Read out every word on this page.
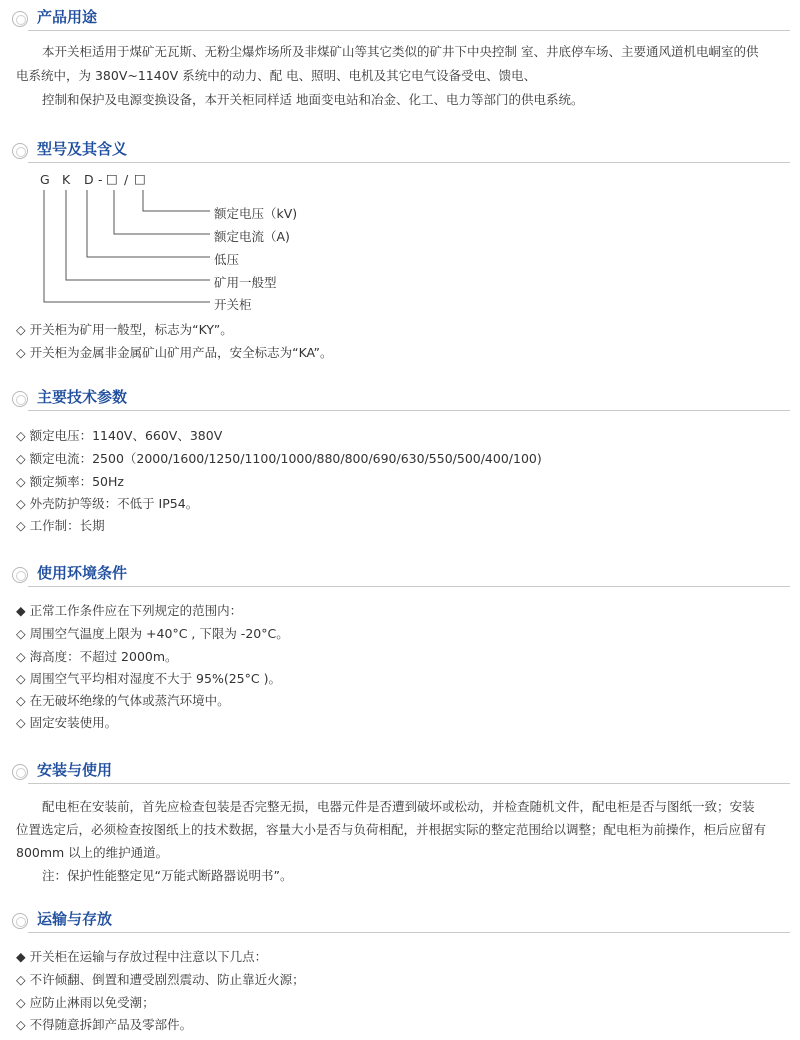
产品用途
本开关柜适用于煤矿无瓦斯、无粉尘爆炸场所及非煤矿山等其它类似的矿井下中央控制 室、井底停车场、主要通风道机电峒室的供
电系统中，为 380V~1140V 系统中的动力、配 电、照明、电机及其它电气设备受电、馈电、
控制和保护及电源变换设备，本开关柜同样适 地面变电站和冶金、化工、电力等部门的供电系统。
型号及其含义
G K D - □ / □
额定电压（kV)
额定电流（A)
低压
矿用一般型
开关柜
◇ 开关柜为矿用一般型，标志为“KY”。
◇ 开关柜为金属非金属矿山矿用产品，安全标志为“KA”。
主要技术参数
◇ 额定电压：1140V、660V、380V
◇ 额定电流：2500（2000/1600/1250/1100/1000/880/800/690/630/550/500/400/100)
◇ 额定频率：50Hz
◇ 外壳防护等级：不低于 IP54。
◇ 工作制：长期
使用环境条件
◆ 正常工作条件应在下列规定的范围内：
◇ 周围空气温度上限为 +40°C , 下限为 -20°C。
◇ 海高度：不超过 2000m。
◇ 周围空气平均相对湿度不大于 95%(25°C )。
◇ 在无破坏绝缘的气体或蒸汽环境中。
◇ 固定安装使用。
安装与使用
配电柜在安装前，首先应检查包装是否完整无损，电器元件是否遭到破坏或松动，并检查随机文件，配电柜是否与图纸一致；安装
位置选定后，必须检查按图纸上的技术数据，容量大小是否与负荷相配，并根据实际的整定范围给以调整；配电柜为前操作，柜后应留有
800mm 以上的维护通道。
注：保护性能整定见“万能式断路器说明书”。
运输与存放
◆ 开关柜在运输与存放过程中注意以下几点：
◇ 不许倾翻、倒置和遭受剧烈震动、防止靠近火源；
◇ 应防止淋雨以免受潮；
◇ 不得随意拆卸产品及零部件。
